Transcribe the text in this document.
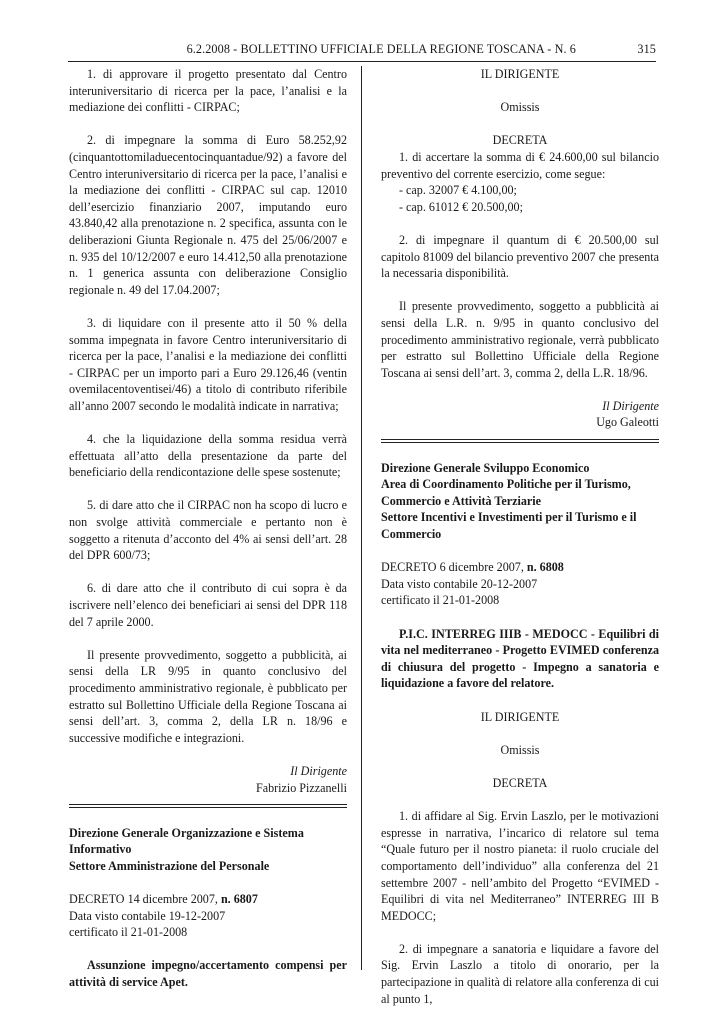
6.2.2008 - BOLLETTINO UFFICIALE DELLA REGIONE TOSCANA - N. 6	315

1. di approvare il progetto presentato dal Centro interuniversitario di ricerca per la pace, l’analisi e la mediazione dei conflitti - CIRPAC;

2. di impegnare la somma di Euro 58.252,92 (cinquantottomiladuecentocinquantadue/92) a favore del Centro interuniversitario di ricerca per la pace, l’analisi e la mediazione dei conflitti - CIRPAC sul cap. 12010 dell’esercizio finanziario 2007, imputando euro 43.840,42 alla prenotazione n. 2 specifica, assunta con le deliberazioni Giunta Regionale n. 475 del 25/06/2007 e n. 935 del 10/12/2007 e euro 14.412,50 alla prenotazione n. 1 generica assunta con deliberazione Consiglio regionale n. 49 del 17.04.2007;

3. di liquidare con il presente atto il 50 % della somma impegnata in favore Centro interuniversitario di ricerca per la pace, l’analisi e la mediazione dei conflitti - CIRPAC per un importo pari a Euro 29.126,46 (ventin ovemilacentoventisei/46) a titolo di contributo riferibile all’anno 2007 secondo le modalità indicate in narrativa;

4. che la liquidazione della somma residua verrà effettuata all’atto della presentazione da parte del beneficiario della rendicontazione delle spese sostenute;

5. di dare atto che il CIRPAC non ha scopo di lucro e non svolge attività commerciale e pertanto non è soggetto a ritenuta d’acconto del 4% ai sensi dell’art. 28 del DPR 600/73;

6. di dare atto che il contributo di cui sopra è da iscrivere nell’elenco dei beneficiari ai sensi del DPR 118 del 7 aprile 2000.

Il presente provvedimento, soggetto a pubblicità, ai sensi della LR 9/95 in quanto conclusivo del procedimento amministrativo regionale, è pubblicato per estratto sul Bollettino Ufficiale della Regione Toscana ai sensi dell’art. 3, comma 2, della LR n. 18/96 e successive modifiche e integrazioni.

Il Dirigente

Fabrizio Pizzanelli

Direzione Generale Organizzazione e Sistema Informativo
Settore Amministrazione del Personale

DECRETO 14 dicembre 2007, n. 6807

Data visto contabile 19-12-2007

certificato il 21-01-2008

Assunzione impegno/accertamento compensi per attività di service Apet.

IL DIRIGENTE

Omissis

DECRETA

1. di accertare la somma di € 24.600,00 sul bilancio preventivo del corrente esercizio, come segue:

- cap. 32007 € 4.100,00;

- cap. 61012 € 20.500,00;

2. di impegnare il quantum di € 20.500,00 sul capitolo 81009 del bilancio preventivo 2007 che presenta la necessaria disponibilità.

Il presente provvedimento, soggetto a pubblicità ai sensi della L.R. n. 9/95 in quanto conclusivo del procedimento amministrativo regionale, verrà pubblicato per estratto sul Bollettino Ufficiale della Regione Toscana ai sensi dell’art. 3, comma 2, della L.R. 18/96.

Il Dirigente

Ugo Galeotti

Direzione Generale Sviluppo Economico
Area di Coordinamento Politiche per il Turismo, Commercio e Attività Terziarie
Settore Incentivi e Investimenti per il Turismo e il Commercio

DECRETO 6 dicembre 2007, n. 6808

Data visto contabile 20-12-2007

certificato il 21-01-2008

P.I.C. INTERREG IIIB - MEDOCC - Equilibri di vita nel mediterraneo - Progetto EVIMED conferenza di chiusura del progetto - Impegno a sanatoria e liquidazione a favore del relatore.

IL DIRIGENTE

Omissis

DECRETA

1. di affidare al Sig. Ervin Laszlo, per le motivazioni espresse in narrativa, l’incarico di relatore sul tema “Quale futuro per il nostro pianeta: il ruolo cruciale del comportamento dell’individuo” alla conferenza del 21 settembre 2007 - nell’ambito del Progetto “EVIMED - Equilibri di vita nel Mediterraneo” INTERREG III B MEDOCC;

2. di impegnare a sanatoria e liquidare a favore del Sig. Ervin Laszlo a titolo di onorario, per la partecipazione in qualità di relatore alla conferenza di cui al punto 1,
